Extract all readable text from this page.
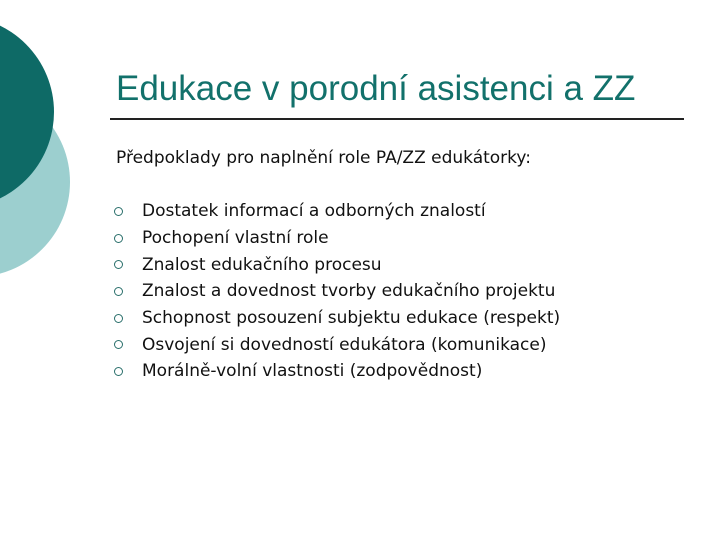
Edukace v porodní asistenci a ZZ
Předpoklady pro naplnění role PA/ZZ edukátorky:
Dostatek informací a odborných znalostí
Pochopení vlastní role
Znalost edukačního procesu
Znalost a dovednost tvorby edukačního projektu
Schopnost posouzení subjektu edukace (respekt)
Osvojení si dovedností edukátora (komunikace)
Morálně-volní vlastnosti (zodpovědnost)
